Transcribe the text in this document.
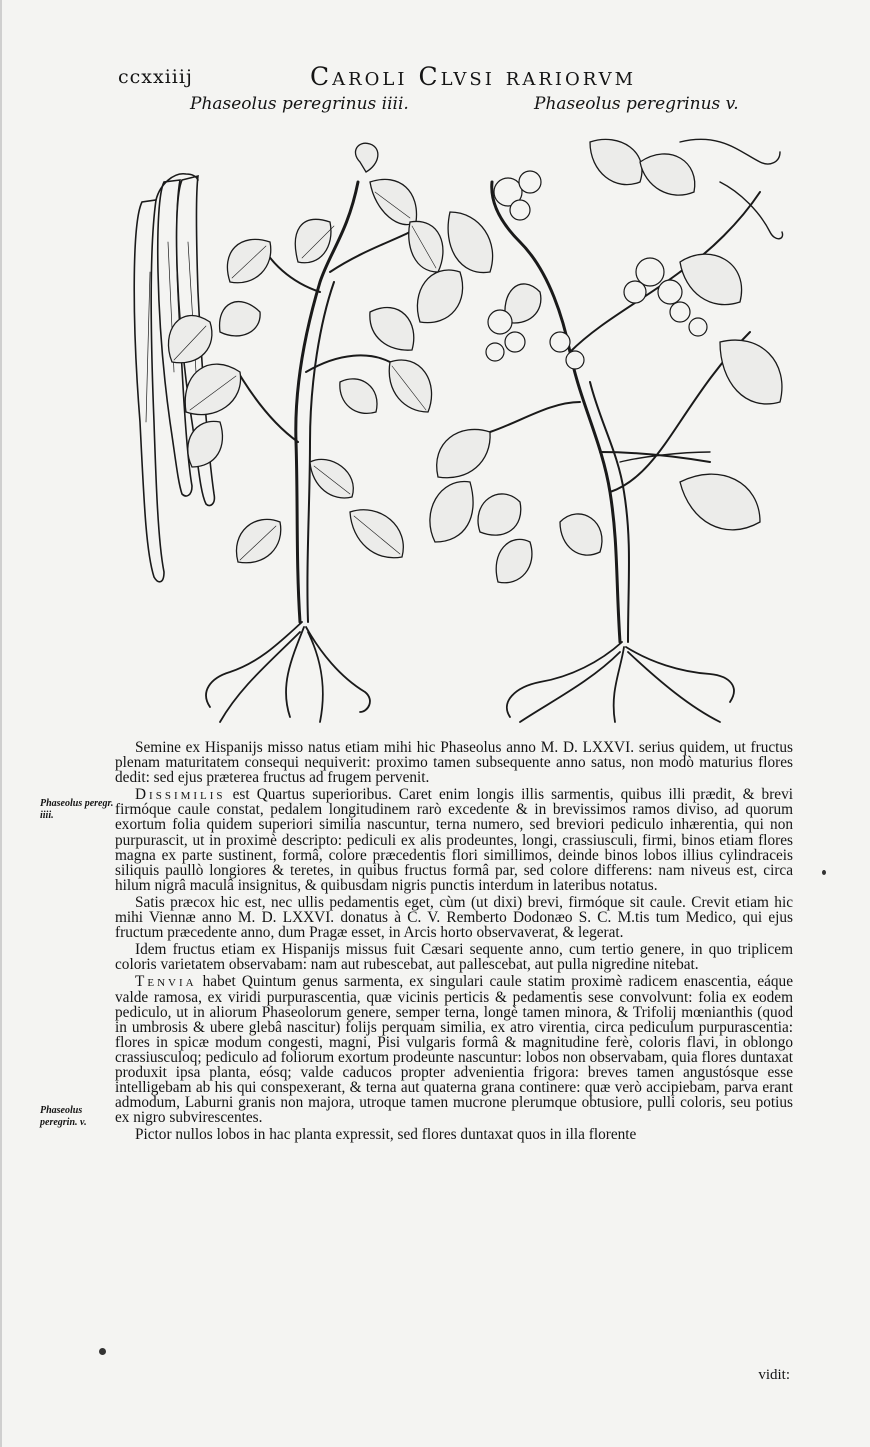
ccxxiiij	Caroli Clvsi rariorvm
Phaseolus peregrinus iiii.	Phaseolus peregrinus v.
Phaseolus peregr. iiii.
Phaseolus peregrin. v.

Semine ex Hispanijs misso natus etiam mihi hic Phaseolus anno M. D. LXXVI. serius quidem, ut fructus plenam maturitatem consequi nequiverit: proximo tamen subsequente anno satus, non modò maturius flores dedit: sed ejus præterea fructus ad frugem pervenit.

Dissimilis est Quartus superioribus. Caret enim longis illis sarmentis, quibus illi prædit, & brevi firmóque caule constat, pedalem longitudinem rarò excedente & in brevissimos ramos diviso, ad quorum exortum folia quidem superiori similia nascuntur, terna numero, sed breviori pediculo inhærentia, qui non purpurascit, ut in proximè descripto: pediculi ex alis prodeuntes, longi, crassiusculi, firmi, binos etiam flores magna ex parte sustinent, formâ, colore præcedentis flori simillimos, deinde binos lobos illius cylindraceis siliquis paullò longiores & teretes, in quibus fructus formâ par, sed colore differens: nam niveus est, circa hilum nigrâ maculâ insignitus, & quibusdam nigris punctis interdum in lateribus notatus.

Satis præcox hic est, nec ullis pedamentis eget, cùm (ut dixi) brevi, firmóque sit caule. Crevit etiam hic mihi Viennæ anno M. D. LXXVI. donatus à C. V. Remberto Dodonæo S. C. M.tis tum Medico, qui ejus fructum præcedente anno, dum Pragæ esset, in Arcis horto observaverat, & legerat.

Idem fructus etiam ex Hispanijs missus fuit Cæsari sequente anno, cum tertio genere, in quo triplicem coloris varietatem observabam: nam aut rubescebat, aut pallescebat, aut pulla nigredine nitebat.

Tenvia habet Quintum genus sarmenta, ex singulari caule statim proximè radicem enascentia, eáque valde ramosa, ex viridi purpurascentia, quæ vicinis perticis & pedamentis sese convolvunt: folia ex eodem pediculo, ut in aliorum Phaseolorum genere, semper terna, longè tamen minora, & Trifolij mœnianthis (quod in umbrosis & ubere glebâ nascitur) folijs perquam similia, ex atro virentia, circa pediculum purpurascentia: flores in spicæ modum congesti, magni, Pisi vulgaris formâ & magnitudine ferè, coloris flavi, in oblongo crassiusculoq; pediculo ad foliorum exortum prodeunte nascuntur: lobos non observabam, quia flores duntaxat produxit ipsa planta, eósq; valde caducos propter advenientia frigora: breves tamen angustósque esse intelligebam ab his qui conspexerant, & terna aut quaterna grana continere: quæ verò accipiebam, parva erant admodum, Laburni granis non majora, utroque tamen mucrone plerumque obtusiore, pulli coloris, seu potius ex nigro subvirescentes.

Pictor nullos lobos in hac planta expressit, sed flores duntaxat quos in illa florente

vidit:
